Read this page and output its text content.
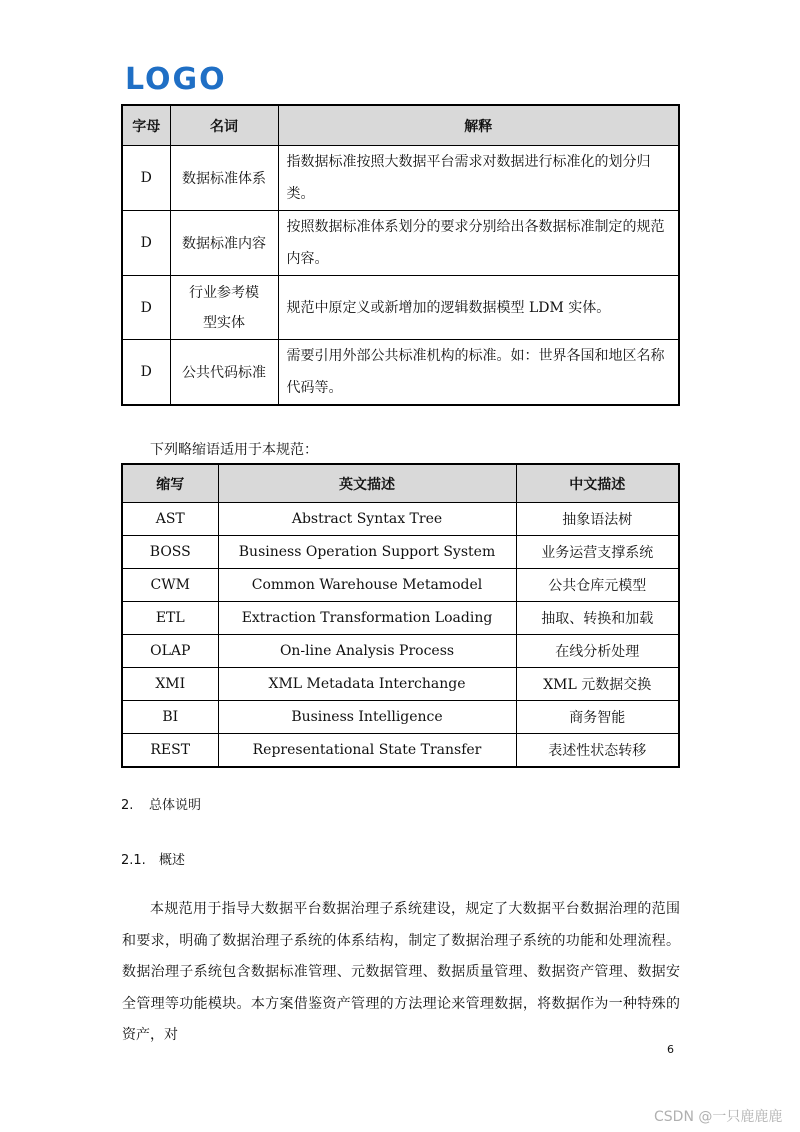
LOGO
字母	名词	解释
D	数据标准体系	指数据标准按照大数据平台需求对数据进行标准化的划分归类。
D	数据标准内容	按照数据标准体系划分的要求分别给出各数据标准制定的规范内容。
D	行业参考模型实体	规范中原定义或新增加的逻辑数据模型 LDM 实体。
D	公共代码标准	需要引用外部公共标准机构的标准。如：世界各国和地区名称代码等。
下列略缩语适用于本规范：
缩写	英文描述	中文描述
AST	Abstract Syntax Tree	抽象语法树
BOSS	Business Operation Support System	业务运营支撑系统
CWM	Common Warehouse Metamodel	公共仓库元模型
ETL	Extraction Transformation Loading	抽取、转换和加载
OLAP	On-line Analysis Process	在线分析处理
XMI	XML Metadata Interchange	XML 元数据交换
BI	Business Intelligence	商务智能
REST	Representational State Transfer	表述性状态转移
2. 总体说明
2.1. 概述
本规范用于指导大数据平台数据治理子系统建设，规定了大数据平台数据治理的范围和要求，明确了数据治理子系统的体系结构，制定了数据治理子系统的功能和处理流程。数据治理子系统包含数据标准管理、元数据管理、数据质量管理、数据资产管理、数据安全管理等功能模块。本方案借鉴资产管理的方法理论来管理数据，将数据作为一种特殊的资产，对
6
CSDN @一只鹿鹿鹿
